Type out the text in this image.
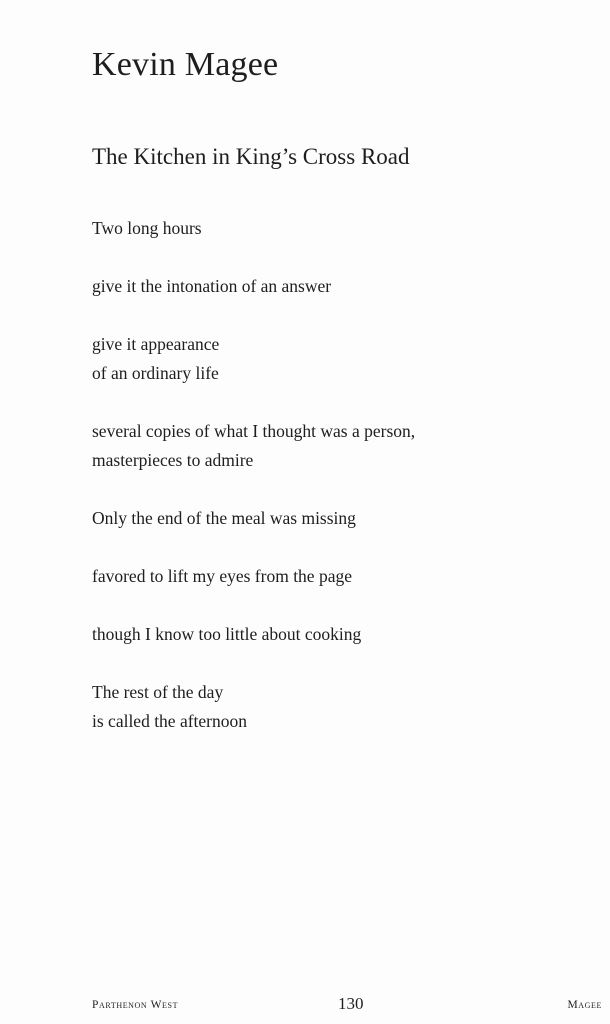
Kevin Magee
The Kitchen in King’s Cross Road

Two long hours

give it the intonation of an answer

give it appearance
of an ordinary life

several copies of what I thought was a person,
masterpieces to admire

Only the end of the meal was missing

favored to lift my eyes from the page

though I know too little about cooking

The rest of the day
is called the afternoon

Parthenon West	130	Magee
